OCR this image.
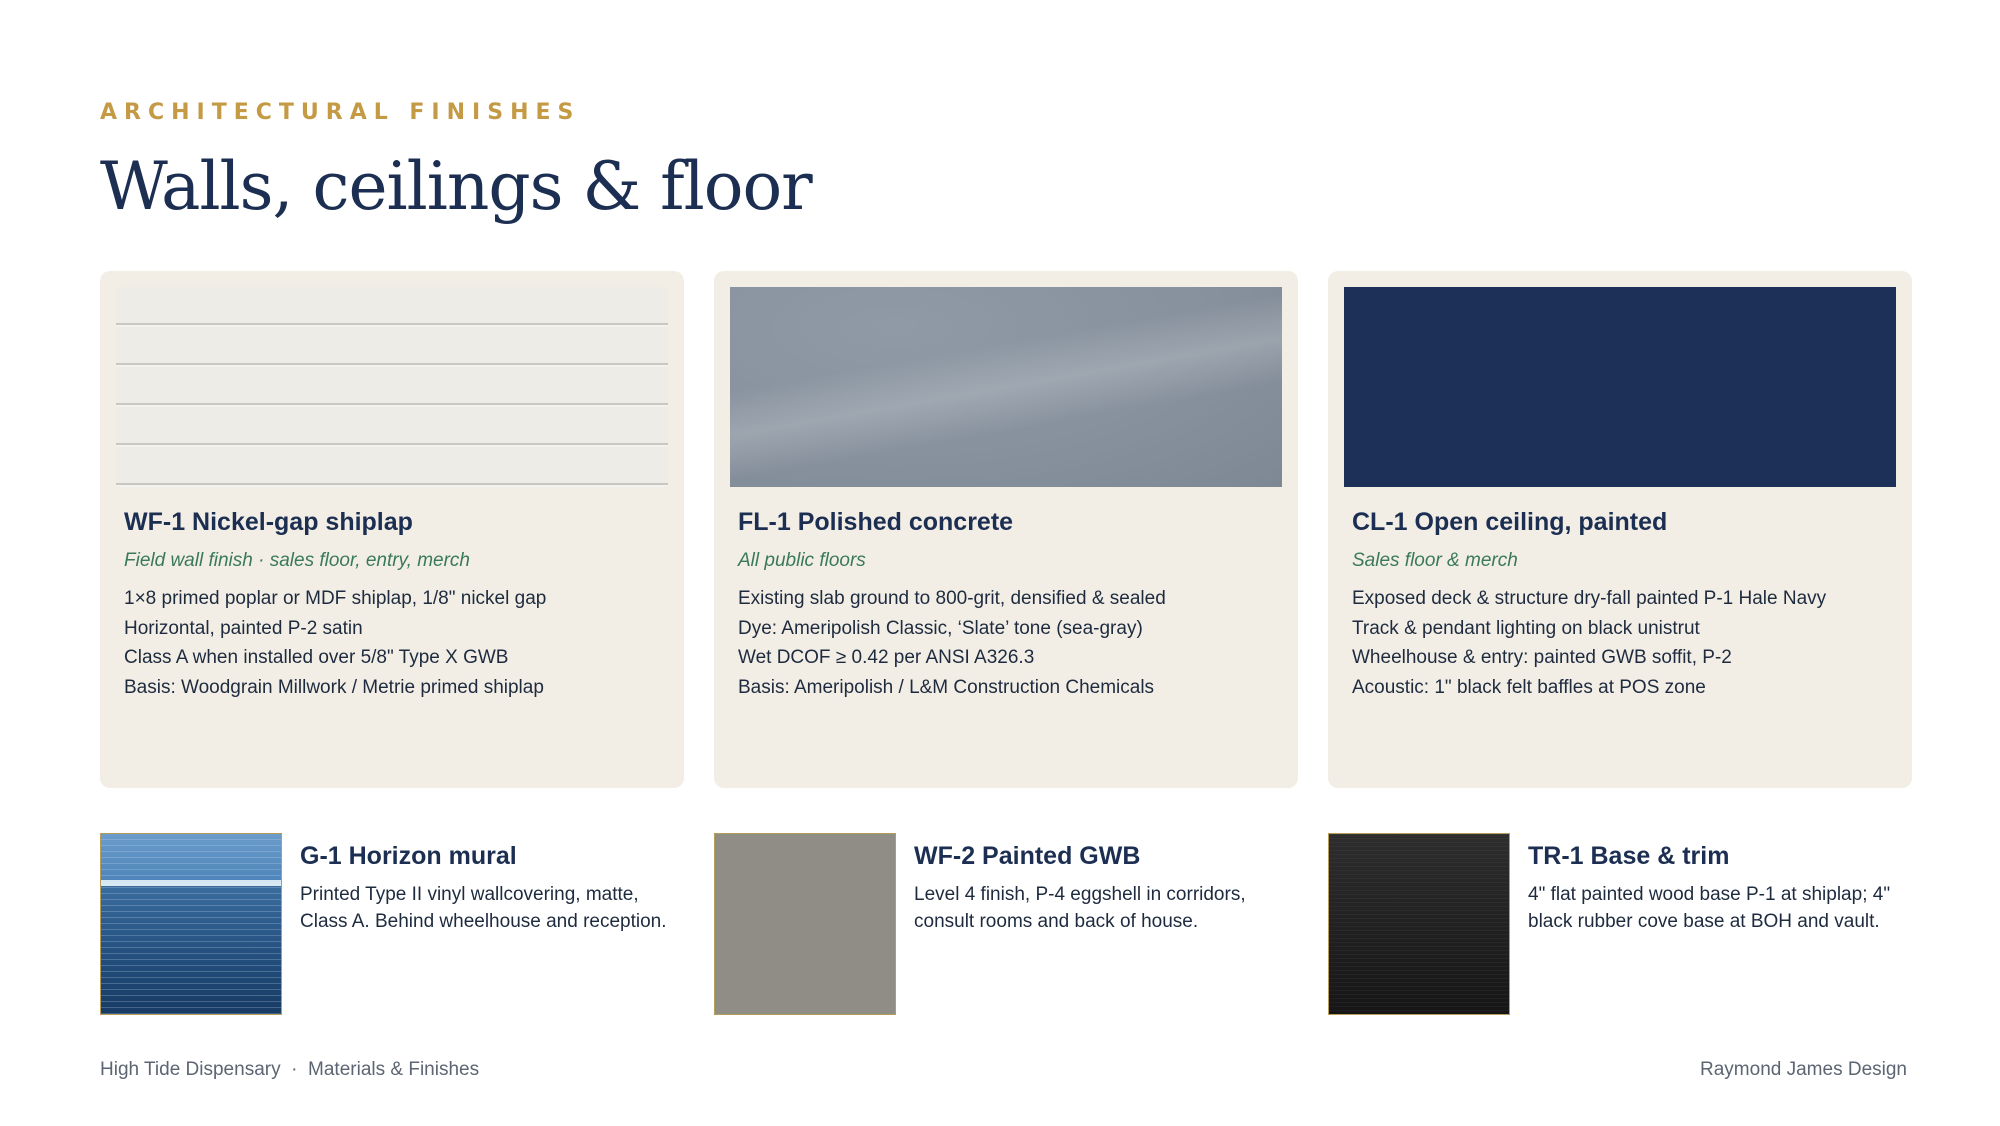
ARCHITECTURAL FINISHES
Walls, ceilings & floor
WF-1 Nickel-gap shiplap
Field wall finish · sales floor, entry, merch
1×8 primed poplar or MDF shiplap, 1/8" nickel gap
Horizontal, painted P-2 satin
Class A when installed over 5/8" Type X GWB
Basis: Woodgrain Millwork / Metrie primed shiplap
FL-1 Polished concrete
All public floors
Existing slab ground to 800-grit, densified & sealed
Dye: Ameripolish Classic, ‘Slate’ tone (sea-gray)
Wet DCOF ≥ 0.42 per ANSI A326.3
Basis: Ameripolish / L&M Construction Chemicals
CL-1 Open ceiling, painted
Sales floor & merch
Exposed deck & structure dry-fall painted P-1 Hale Navy
Track & pendant lighting on black unistrut
Wheelhouse & entry: painted GWB soffit, P-2
Acoustic: 1" black felt baffles at POS zone
G-1 Horizon mural
Printed Type II vinyl wallcovering, matte, Class A. Behind wheelhouse and reception.
WF-2 Painted GWB
Level 4 finish, P-4 eggshell in corridors, consult rooms and back of house.
TR-1 Base & trim
4" flat painted wood base P-1 at shiplap; 4" black rubber cove base at BOH and vault.
High Tide Dispensary  ·  Materials & Finishes	Raymond James Design
